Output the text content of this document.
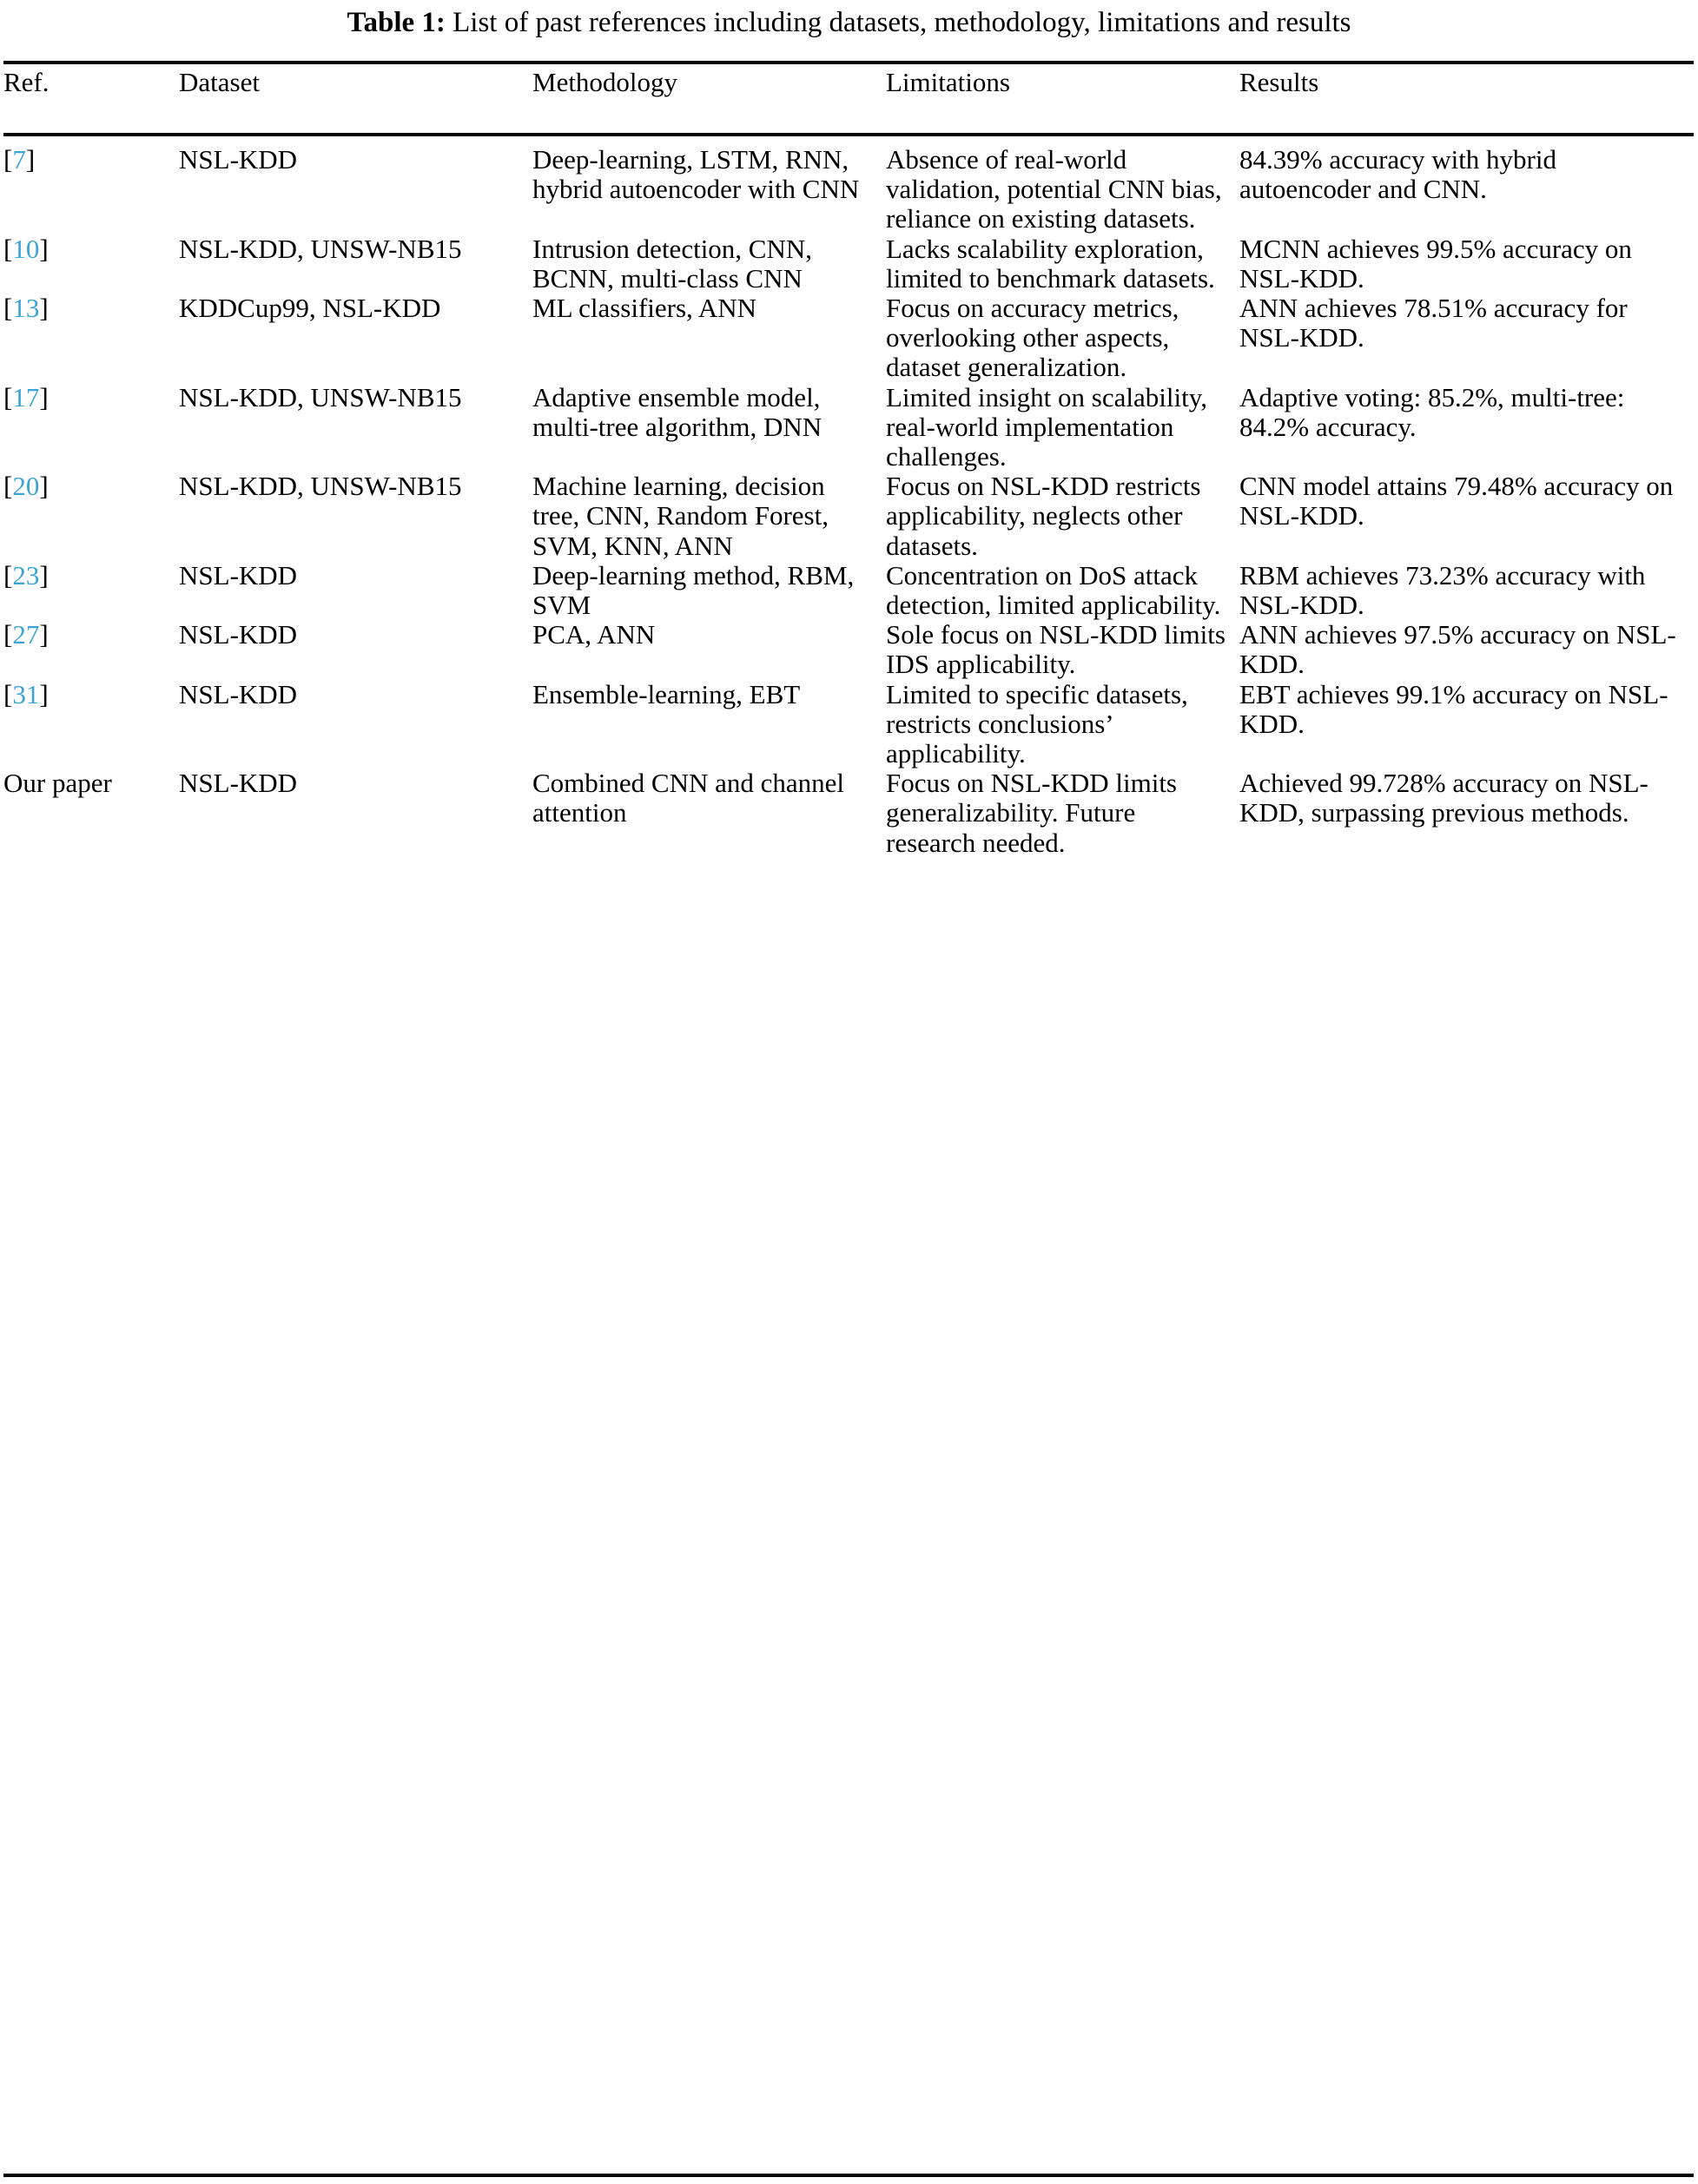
Table 1: List of past references including datasets, methodology, limitations and results
Ref.	Dataset	Methodology	Limitations	Results
[7]	NSL-KDD	Deep-learning, LSTM, RNN, hybrid autoencoder with CNN	Absence of real-world validation, potential CNN bias, reliance on existing datasets.	84.39% accuracy with hybrid autoencoder and CNN.
[10]	NSL-KDD, UNSW-NB15	Intrusion detection, CNN, BCNN, multi-class CNN	Lacks scalability exploration, limited to benchmark datasets.	MCNN achieves 99.5% accuracy on NSL-KDD.
[13]	KDDCup99, NSL-KDD	ML classifiers, ANN	Focus on accuracy metrics, overlooking other aspects, dataset generalization.	ANN achieves 78.51% accuracy for NSL-KDD.
[17]	NSL-KDD, UNSW-NB15	Adaptive ensemble model, multi-tree algorithm, DNN	Limited insight on scalability, real-world implementation challenges.	Adaptive voting: 85.2%, multi-tree: 84.2% accuracy.
[20]	NSL-KDD, UNSW-NB15	Machine learning, decision tree, CNN, Random Forest, SVM, KNN, ANN	Focus on NSL-KDD restricts applicability, neglects other datasets.	CNN model attains 79.48% accuracy on NSL-KDD.
[23]	NSL-KDD	Deep-learning method, RBM, SVM	Concentration on DoS attack detection, limited applicability.	RBM achieves 73.23% accuracy with NSL-KDD.
[27]	NSL-KDD	PCA, ANN	Sole focus on NSL-KDD limits IDS applicability.	ANN achieves 97.5% accuracy on NSL-KDD.
[31]	NSL-KDD	Ensemble-learning, EBT	Limited to specific datasets, restricts conclusions’ applicability.	EBT achieves 99.1% accuracy on NSL-KDD.
Our paper	NSL-KDD	Combined CNN and channel attention	Focus on NSL-KDD limits generalizability. Future research needed.	Achieved 99.728% accuracy on NSL-KDD, surpassing previous methods.
